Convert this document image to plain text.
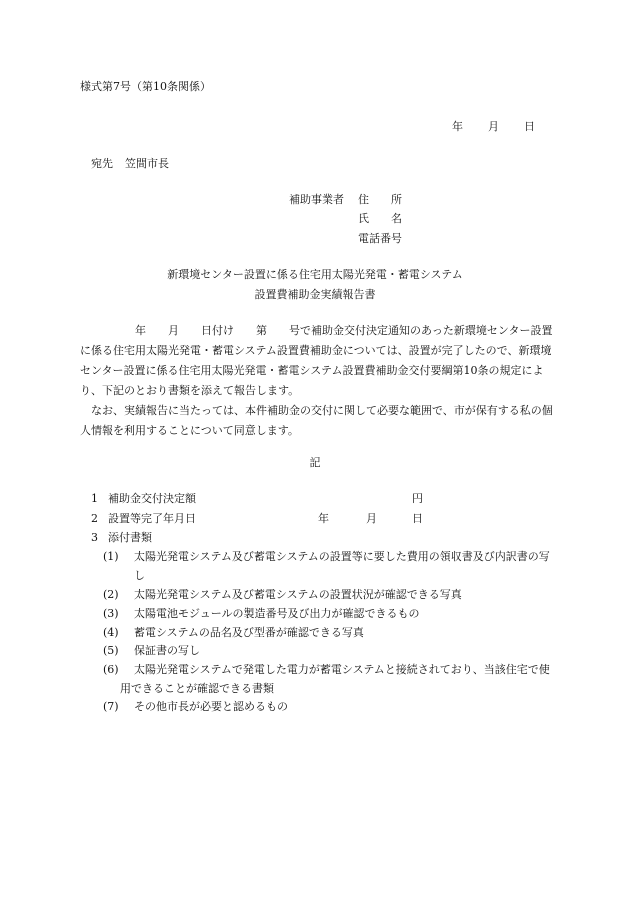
様式第7号（第10条関係）
年 月 日
宛先 笠間市長
補助事業者 住　　所
氏　　名
電話番号
新環境センター設置に係る住宅用太陽光発電・蓄電システム
設置費補助金実績報告書
　　年　　月　　日付け　　第　　号で補助金交付決定通知のあった新環境センター設置に係る住宅用太陽光発電・蓄電システム設置費補助金については、設置が完了したので、新環境センター設置に係る住宅用太陽光発電・蓄電システム設置費補助金交付要綱第10条の規定により、下記のとおり書類を添えて報告します。
なお、実績報告に当たっては、本件補助金の交付に関して必要な範囲で、市が保有する私の個人情報を利用することについて同意します。
記
1 補助金交付決定額	円
2 設置等完了年月日	年	月	日
3 添付書類
(1) 太陽光発電システム及び蓄電システムの設置等に要した費用の領収書及び内訳書の写し
(2) 太陽光発電システム及び蓄電システムの設置状況が確認できる写真
(3) 太陽電池モジュールの製造番号及び出力が確認できるもの
(4) 蓄電システムの品名及び型番が確認できる写真
(5) 保証書の写し
(6)	太陽光発電システムで発電した電力が蓄電システムと接続されており、当該住宅で使用できることが確認できる書類
(7) その他市長が必要と認めるもの
